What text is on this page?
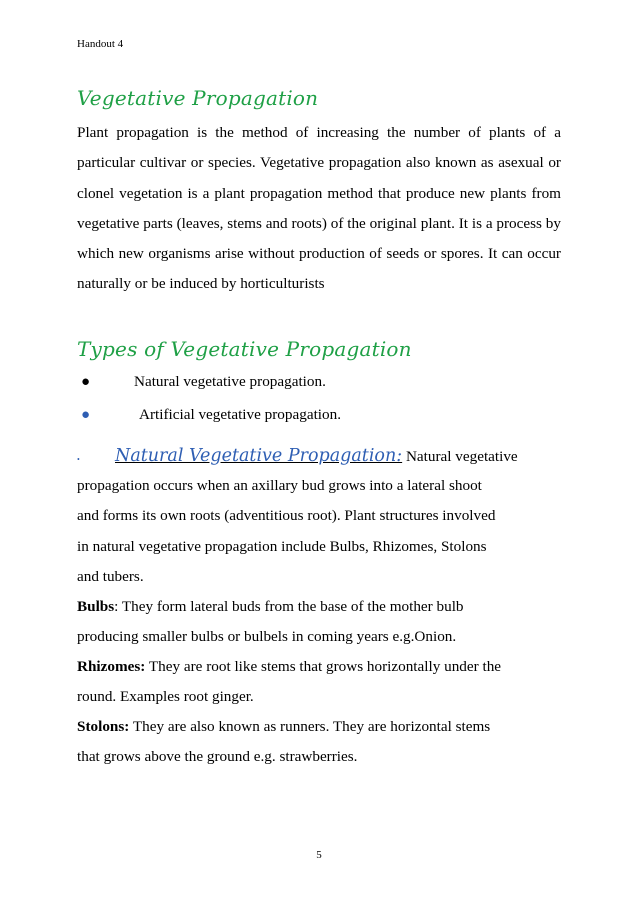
Handout 4
Vegetative Propagation

Plant propagation is the method of increasing the number of plants of a particular cultivar or species. Vegetative propagation also known as asexual or clonel vegetation is a plant propagation method that produce new plants from vegetative parts (leaves, stems and roots) of the original plant. It is a process by which new organisms arise without production of seeds or spores. It can occur naturally or be induced by horticulturists

Types of Vegetative Propagation
●	Natural vegetative propagation.
●	Artificial vegetative propagation.
•	Natural Vegetative Propagation: Natural vegetative
propagation occurs when an axillary bud grows into a lateral shoot
and forms its own roots (adventitious root). Plant structures involved
in natural vegetative propagation include Bulbs, Rhizomes, Stolons
and tubers.
Bulbs: They form lateral buds from the base of the mother bulb
producing smaller bulbs or bulbels in coming years e.g.Onion.
Rhizomes: They are root like stems that grows horizontally under the
round. Examples root ginger.
Stolons: They are also known as runners. They are horizontal stems
that grows above the ground e.g. strawberries.
5
